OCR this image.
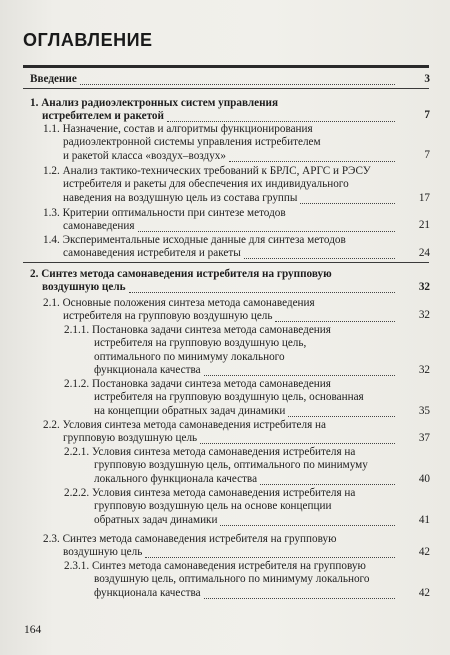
ОГЛАВЛЕНИЕ
Введение	3
1. Анализ радиоэлектронных систем управления
истребителем и ракетой	7
1.1. Назначение, состав и алгоритмы функционирования
радиоэлектронной системы управления истребителем
и ракетой класса «воздух–воздух»	7
1.2. Анализ тактико-технических требований к БРЛС, АРГС и РЭСУ
истребителя и ракеты для обеспечения их индивидуального
наведения на воздушную цель из состава группы	17
1.3. Критерии оптимальности при синтезе методов
самонаведения	21
1.4. Экспериментальные исходные данные для синтеза методов
самонаведения истребителя и ракеты	24
2. Синтез метода самонаведения истребителя на групповую
воздушную цель	32
2.1. Основные положения синтеза метода самонаведения
истребителя на групповую воздушную цель	32
2.1.1. Постановка задачи синтеза метода самонаведения
истребителя на групповую воздушную цель,
оптимального по минимуму локального
функционала качества	32
2.1.2. Постановка задачи синтеза метода самонаведения
истребителя на групповую воздушную цель, основанная
на концепции обратных задач динамики	35
2.2. Условия синтеза метода самонаведения истребителя на
групповую воздушную цель	37
2.2.1. Условия синтеза метода самонаведения истребителя на
групповую воздушную цель, оптимального по минимуму
локального функционала качества	40
2.2.2. Условия синтеза метода самонаведения истребителя на
групповую воздушную цель на основе концепции
обратных задач динамики	41
2.3. Синтез метода самонаведения истребителя на групповую
воздушную цель	42
2.3.1. Синтез метода самонаведения истребителя на групповую
воздушную цель, оптимального по минимуму локального
функционала качества	42
164
